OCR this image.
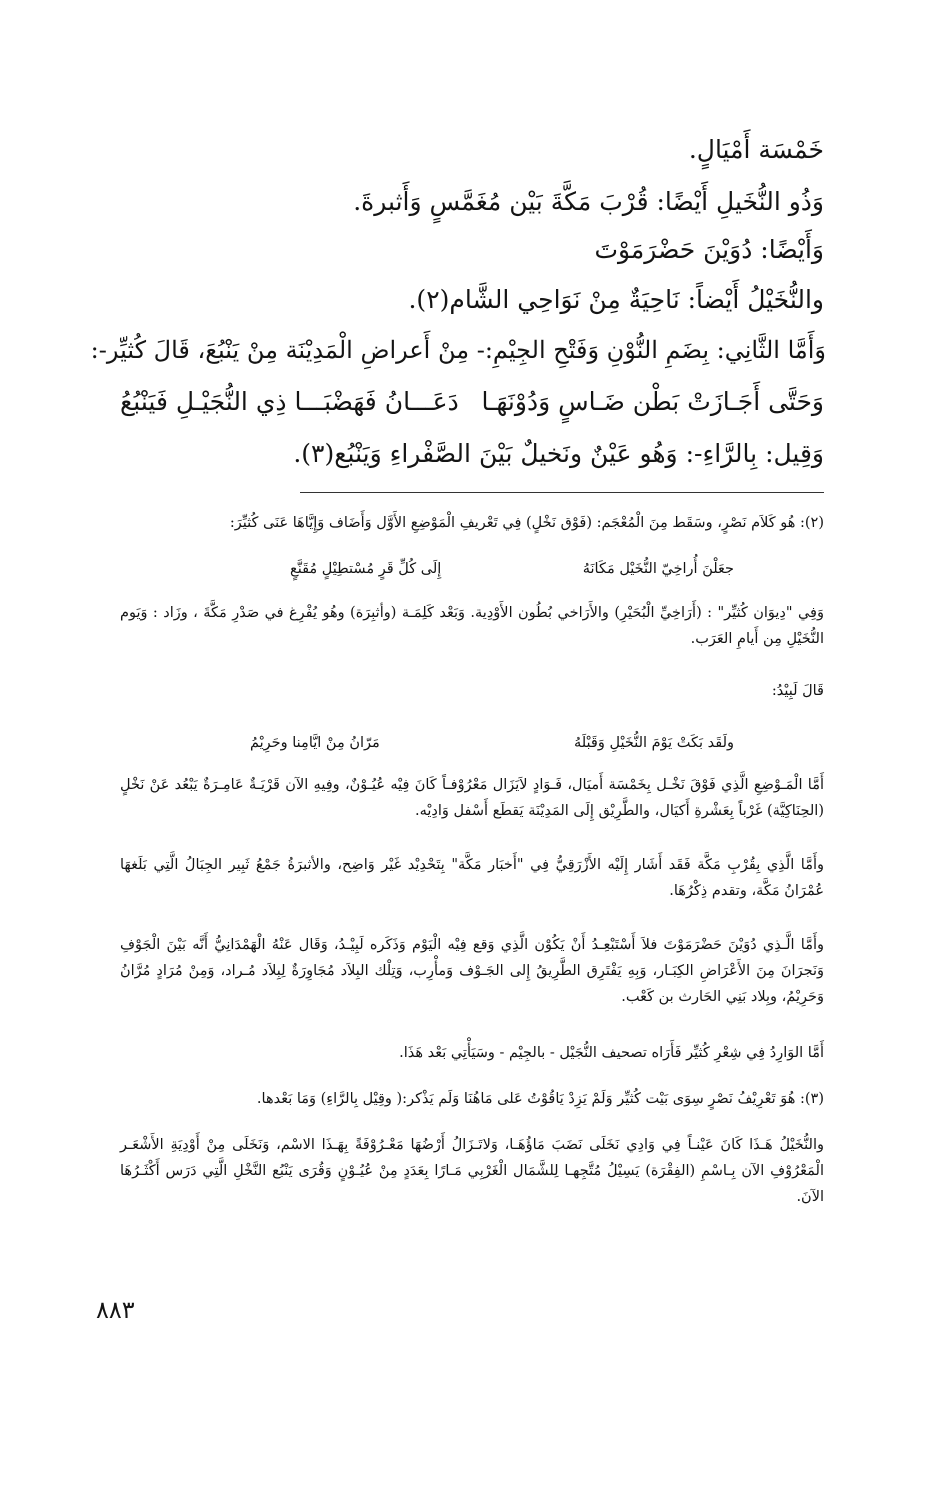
خَمْسَة أَمْيَالٍ.
وَذُو النُّخَيلِ أَيْضًا: قُرْبَ مَكَّةَ بَيْن مُغَمَّسٍ وَأَثبرةَ.
وَأَيْضًا: دُوَيْنَ حَضْرَمَوْتَ
والنُّخَيْلُ أَيْضاً: نَاحِيَةٌ مِنْ نَوَاحِي الشَّام(٢).
وَأَمَّا الثَّانِي: بِضَمِ النُّوْنِ وَفَتْحِ الجِيْمِ:- مِنْ أَعراضِ الْمَدِيْنَة مِنْ يَنْبُعَ، قَالَ كُثيِّر-:
وَحَتَّى أَجَـازَتْ بَطْن ضَـاسٍ وَدُوْنَهَـا
دَعَـــانُ فَهَضْبَـــا ذِي النُّجَيْـلِ فَيَنْبُعُ
وَقِيل: بِالرَّاءِ-: وَهُو عَيْنٌ ونَخيلٌ بَيْنَ الصَّفْراءِ وَيَنْبُع(٣).
(٢): هُو كَلاَم نَصْرٍ، وسَقَط مِنَ الْمُعْجَم: (فَوْق نَخْلٍ) فِي تَعْريفِ الْمَوْضِعِ الأَوَّل وَأَضَاف وَإِيَّاهَا عَنَى كُثيِّرَ:
جعَلْنَ أُراخِيّ النُّخَيْل مَكَانَهُ
إِلَى كُلِّ قَرٍ مُسْتطِيْلٍ مُقَنَّعٍ
وَفِي "دِيوَان كُثيِّر" : (أَرَاخِيِّ الْبُحَيْرِ) والأَرَاخي بُطُون الأَوْدِية. وَبَعْد كَلِمَـة (وأثبِرَة) وهُو يُفْرِغ في صَدْرِ مَكَّةَ ، وزَاد : وَيَوم النُّخَيْلِ مِن أَيامِ العَرَب.
قَالَ لَبِيْدُ:
ولَقَد بَكَتْ يَوْمَ النُّخَيْلِ وَقَبْلَهُ
مَرّانُ مِنْ ايَّامِنا وحَرِيْمُ
أَمَّا الْمَـوْضِعِ الَّذِي فَوْقَ نَخْـل بِخَمْسَة أَميَال، فَـوَادٍ لاَيَزَال مَعْرُوْفـاً كَانَ فِيْه عُيُـوْنٌ، وفِيهِ الآن قَرْيَـةٌ عَامِـرَةٌ يَبْعُد عَنْ نَخْلٍ (الحِنَاكِيَّة) غَرْباً بِعَشْرةِ أَكيَال، والطَّرِيْق إِلَى المَدِيْنَة يَقطَع أَسْفل وَادِيْه.
وأَمَّا الَّذِي بِقُرْبِ مَكَّة فَقَد أَشَار إِلَيْه الأَزْرَقِيُّ فِي "أَخبَار مَكَّة" بِتَحْدِيْد غَيْر وَاضِح، والأثبرَةُ جَمْعُ ثَبِير الجِبَالُ الَّتِي بَلَغهَا عُمْرَانُ مَكَّة، وتقدم ذِكْرُهَا.
وأَمَّا الَّـذِي دُوَيْنَ حَضْرَمَوْتَ فلاَ أَسْتَبْعِـدُ أَنْ يَكُوْن الَّذِي وَقع فِيْه الْيَوْم وَذَكَره لَبِيْـدُ، وَقَال عَنْهُ الْهَمْدَانِيُّ أَنَّه بَيْنَ الْجَوْفِ وَنَجرَانَ مِنَ الأَعْرَاضِ الكِبَـار، وَبِهِ يَفْتَرِق الطَّرِيقُ إِلى الجَـوْف وَمأْرِب، وَتِلْك البِلاَد مُجَاوِرَةٌ لِبِلاَد مُـراد، وَمِنْ مُرَادٍ مُرَّانُ وَحَرِيْمُ، وبِلاد بَنِي الحَارث بن كَعْب.
أَمَّا الوَارِدُ فِي شِعْرِ كُثيِّر فَأَرَاه تصحيف النُّجَيْل - بالجِيْم - وسَيَأْتِي بَعْد هَذَا.
(٣): هُوَ تَعْرِيْفُ نَصْرٍ سِوَى بَيْت كُثيِّر وَلَمْ يَزِدْ يَاقُوْتُ عَلى مَاهُنَا وَلَم يَذْكر:( وقِيْل بِالرَّاءِ) وَمَا بَعْدها.
والنُّخَيْلُ هَـذَا كَانَ عَيْنـاً فِي وَادِي نَخَلَى نَضَبَ مَاؤُهَـا، وَلاتَـزَالُ أَرْضُهَا مَعْـرُوْفَةً بِهَـذَا الاسْم، وَنَخَلَى مِنْ أَوْدِيَةِ الأَشْعَـر الْمَعْرُوْفِ الآن بِـاسْمِ (الفِقْرَة) يَسِيْلُ مُتَّجِهـا لِلشَّمَال الْغَرْبِي مَـارًا بِعَدَدٍ مِنْ عُيُـوْنٍ وَقُرَى يَنْبُع النَّخْلِ الَّتِي دَرَس أَكْثَـرُهَا الآنَ.
٨٨٣
